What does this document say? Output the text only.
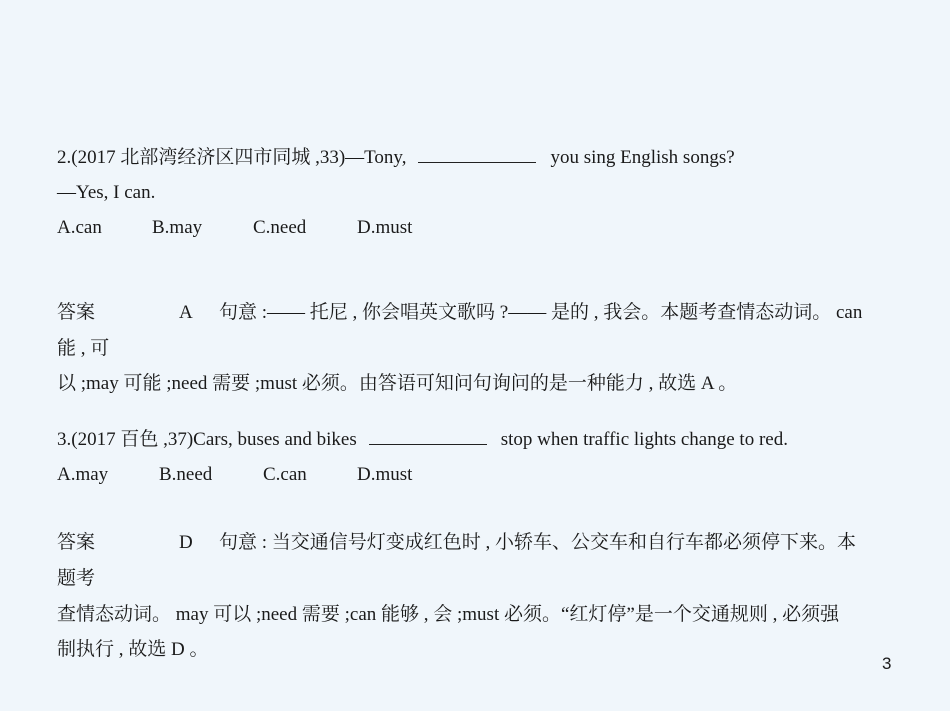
2.(2017 北部湾经济区四市同城 ,33)—Tony,	you sing English songs?
—Yes, I can.
A.can	B.may	C.need	D.must
答案	A 句意 :—— 托尼 , 你会唱英文歌吗 ?—— 是的 , 我会。本题考查情态动词。 can
能 , 可
以 ;may 可能 ;need 需要 ;must 必须。由答语可知问句询问的是一种能力 , 故选 A 。
3.(2017 百色 ,37)Cars, buses and bikes	stop when traffic lights change to red.
A.may	B.need	C.can	D.must
答案	D 句意 : 当交通信号灯变成红色时 , 小轿车、公交车和自行车都必须停下来。本
题考
查情态动词。 may 可以 ;need 需要 ;can 能够 , 会 ;must 必须。“红灯停”是一个交通规则 , 必须强
制执行 , 故选 D 。
3
